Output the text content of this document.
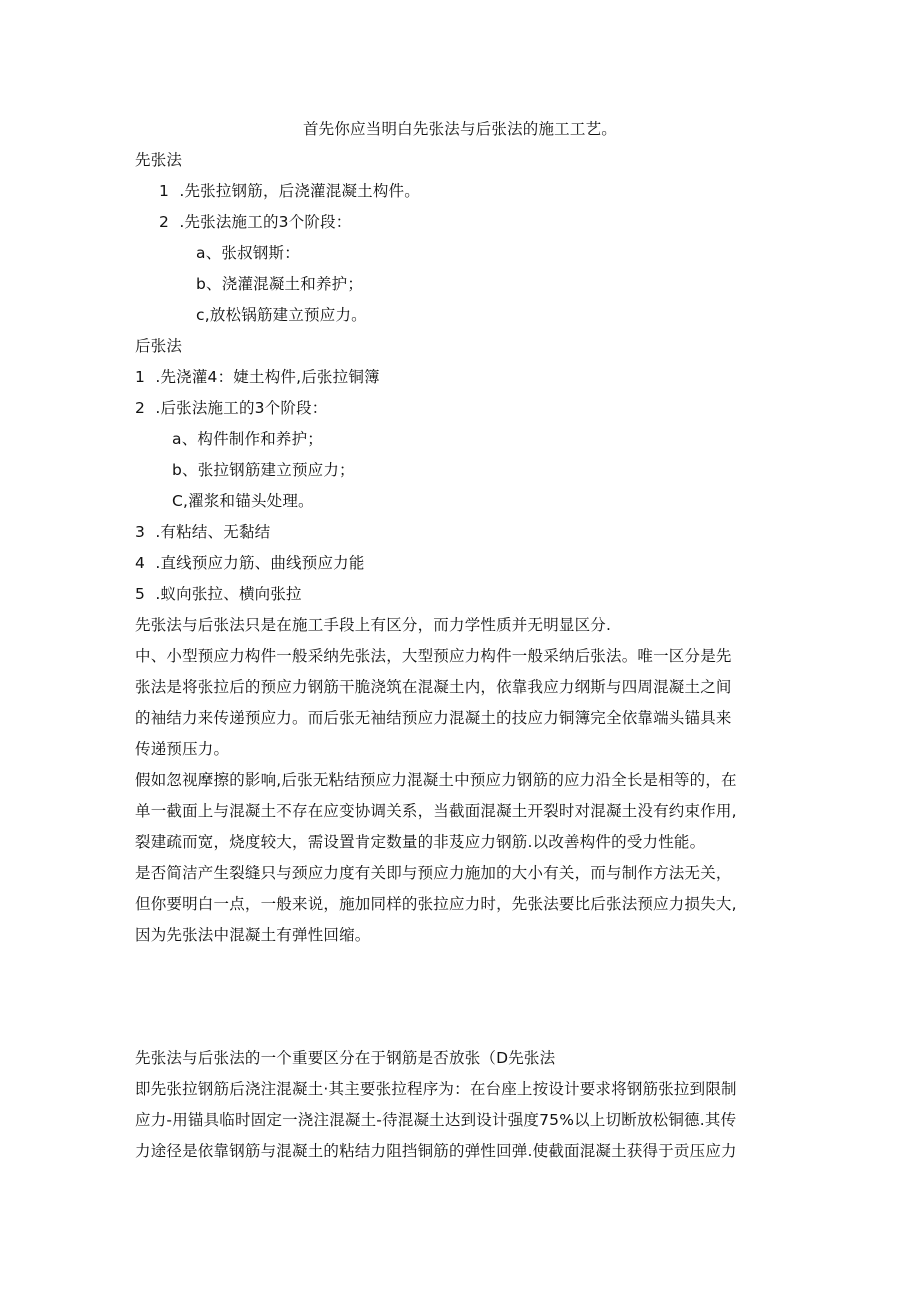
首先你应当明白先张法与后张法的施工工艺。
先张法
1  .先张拉钢筋，后浇灌混凝土构件。
2  .先张法施工的3个阶段：
a、张叔钢斯：
b、浇灌混凝土和养护；
c,放松锅筋建立预应力。
后张法
1  .先浇灌4：婕土构件,后张拉铜簿
2  .后张法施工的3个阶段：
a、构件制作和养护；
b、张拉钢筋建立预应力；
C,濯浆和锚头处理。
3  .有粘结、无黏结
4  .直线预应力筋、曲线预应力能
5  .蚁向张拉、横向张拉
先张法与后张法只是在施工手段上有区分，而力学性质并无明显区分.
中、小型预应力构件一般采纳先张法，大型预应力构件一般采纳后张法。唯一区分是先
张法是将张拉后的预应力钢筋干脆浇筑在混凝土内，依靠我应力纲斯与四周混凝土之间
的袖结力来传递预应力。而后张无袖结预应力混凝土的技应力铜簿完全依靠端头锚具来
传递预压力。
假如忽视摩擦的影响,后张无粘结预应力混凝土中预应力钢筋的应力沿全长是相等的，在
单一截面上与混凝土不存在应变协调关系，当截面混凝土开裂时对混凝土没有约束作用,
裂建疏而宽，烧度较大，需设置肯定数量的非芨应力钢筋.以改善构件的受力性能。
是否简洁产生裂缝只与颈应力度有关即与预应力施加的大小有关，而与制作方法无关，
但你要明白一点，一般来说，施加同样的张拉应力时，先张法要比后张法预应力损失大,
因为先张法中混凝土有弹性回缩。
先张法与后张法的一个重要区分在于钢筋是否放张（D先张法
即先张拉钢筋后浇注混凝土·其主要张拉程序为：在台座上按设计要求将钢筋张拉到限制
应力-用锚具临时固定一浇注混凝土-待混凝土达到设计强度75%以上切断放松铜德.其传
力途径是依靠钢筋与混凝土的粘结力阻挡铜筋的弹性回弹.使截面混凝土获得于贡压应力
